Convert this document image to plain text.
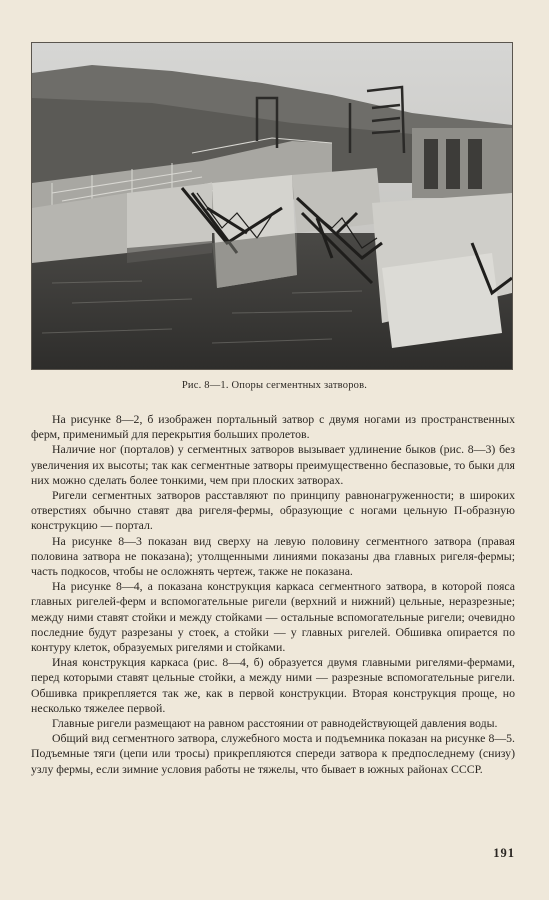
Рис. 8—1. Опоры сегментных затворов.

На рисунке 8—2, б изображен портальный затвор с двумя ногами из пространственных ферм, применимый для перекрытия больших пролетов.

Наличие ног (порталов) у сегментных затворов вызывает удлинение быков (рис. 8—3) без увеличения их высоты; так как сегментные затворы преимущественно беспазовые, то быки для них можно сделать более тонкими, чем при плоских затворах.

Ригели сегментных затворов расставляют по принципу равнонагруженности; в широких отверстиях обычно ставят два ригеля-фермы, образующие с ногами цельную П-образную конструкцию — портал.

На рисунке 8—3 показан вид сверху на левую половину сегментного затвора (правая половина затвора не показана); утолщенными линиями показаны два главных ригеля-фермы; часть подкосов, чтобы не осложнять чертеж, также не показана.

На рисунке 8—4, а показана конструкция каркаса сегментного затвора, в которой пояса главных ригелей-ферм и вспомогательные ригели (верхний и нижний) цельные, неразрезные; между ними ставят стойки и между стойками — остальные вспомогательные ригели; очевидно последние будут разрезаны у стоек, а стойки — у главных ригелей. Обшивка опирается по контуру клеток, образуемых ригелями и стойками.

Иная конструкция каркаса (рис. 8—4, б) образуется двумя главными ригелями-фермами, перед которыми ставят цельные стойки, а между ними — разрезные вспомогательные ригели. Обшивка прикрепляется так же, как в первой конструкции. Вторая конструкция проще, но несколько тяжелее первой.

Главные ригели размещают на равном расстоянии от равнодействующей давления воды.

Общий вид сегментного затвора, служебного моста и подъемника показан на рисунке 8—5. Подъемные тяги (цепи или тросы) прикрепляются спереди затвора к предпоследнему (снизу) узлу фермы, если зимние условия работы не тяжелы, что бывает в южных районах СССР.

191
